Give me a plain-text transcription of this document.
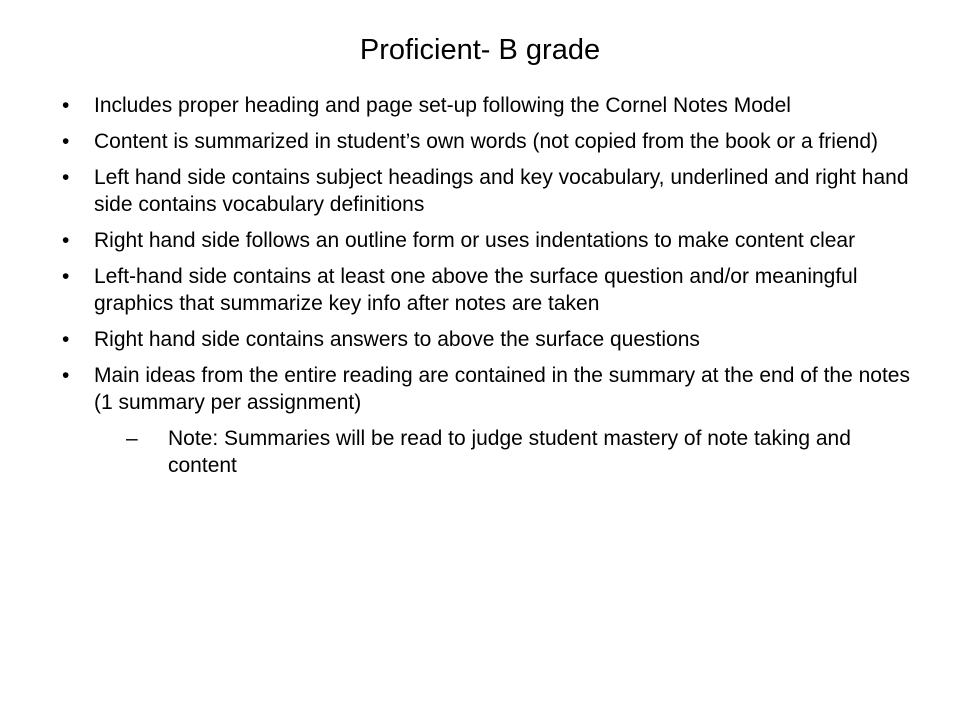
Proficient- B grade
• Includes proper heading and page set-up following the Cornel Notes Model
• Content is summarized in student’s own words (not copied from the book or a friend)
• Left hand side contains subject headings and key vocabulary, underlined and right hand side contains vocabulary definitions
• Right hand side follows an outline form or uses indentations to make content clear
• Left-hand side contains at least one above the surface question and/or meaningful graphics that summarize key info after notes are taken
• Right hand side contains answers to above the surface questions
• Main ideas from the entire reading are contained in the summary at the end of the notes (1 summary per assignment)
– Note: Summaries will be read to judge student mastery of note taking and content
